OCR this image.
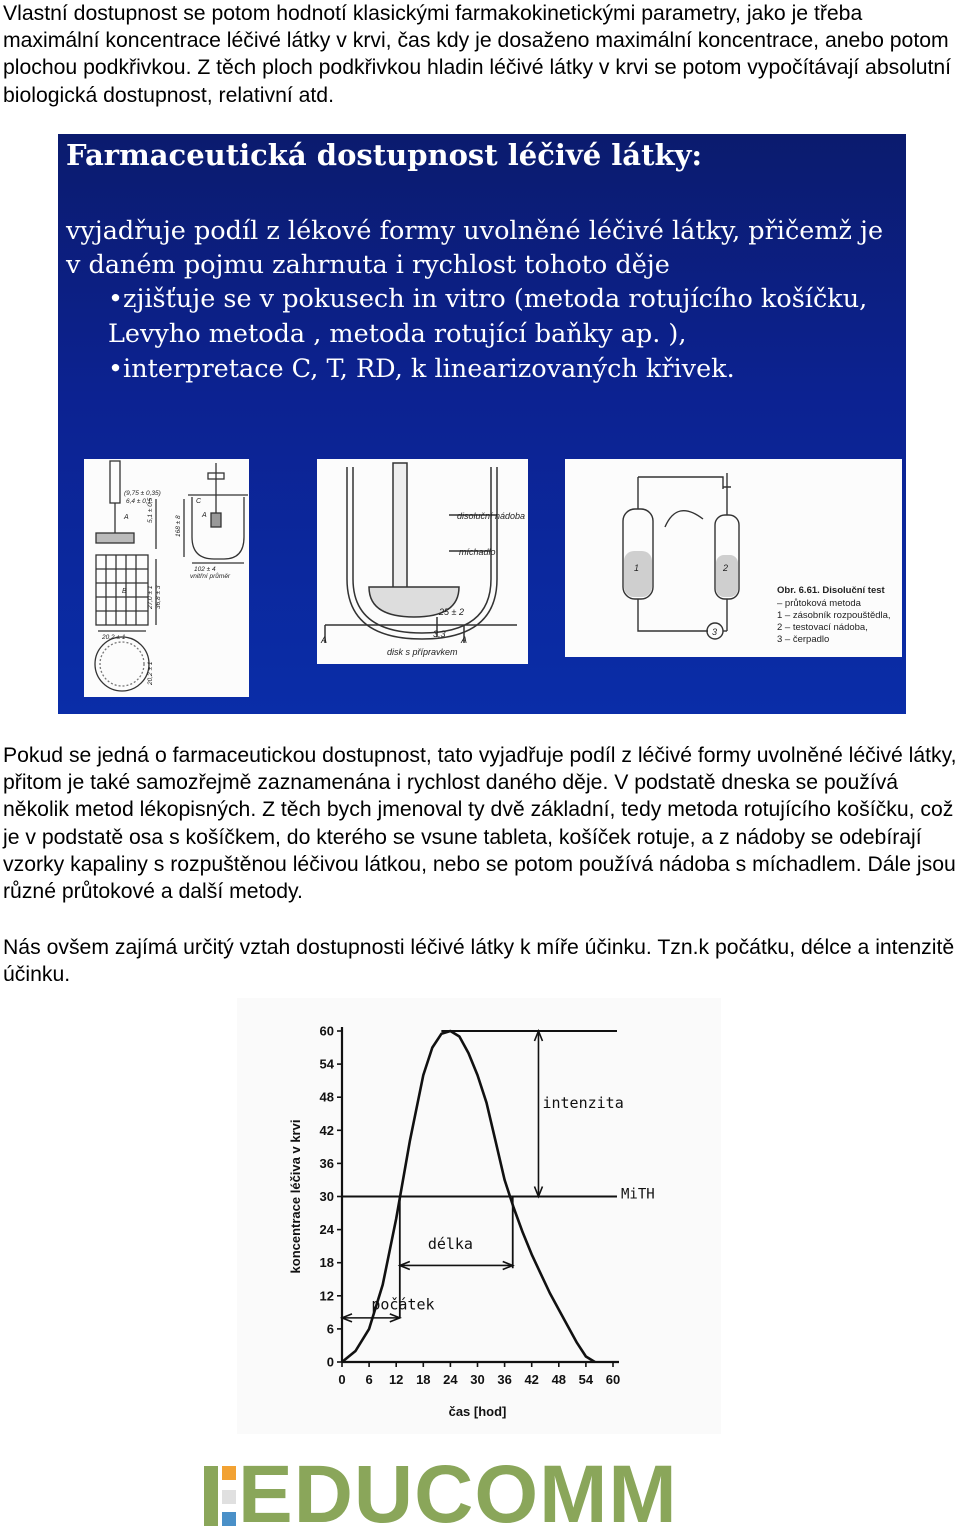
Vlastní dostupnost se potom hodnotí klasickými farmakokinetickými parametry, jako je třeba maximální koncentrace léčivé látky v krvi, čas kdy je dosaženo maximální koncentrace, anebo potom plochou podkřivkou. Z těch ploch podkřivkou hladin léčivé látky v krvi se potom vypočítávají absolutní biologická dostupnost, relativní atd.

Farmaceutická dostupnost léčivé látky:
vyjadřuje podíl z lékové formy uvolněné léčivé látky, přičemž je
v daném pojmu zahrnuta i rychlost tohoto děje
•zjišťuje se v pokusech in vitro (metoda rotujícího košíčku,
Levyho metoda , metoda rotující baňky ap. ),
•interpretace C, T, RD, k linearizovaných křivek.
(9,75 ± 0,35)
6,4 ± 0,1
102 ± 4
vnitřní průměr
20,2 ± 1
5,1 ± 0,5
168 ± 8
27,0 ± 1 36,8 ± 3
20,2 ± 1
A
B
C
A	disoluční nádoba
míchadlo
25 ± 2
3,3
disk s přípravkem
A	A
1	2
3
Obr. 6.61. Disoluční test
– průtoková metoda
1 – zásobník rozpouštědla,
2 – testovací nádoba,
3 – čerpadlo

Pokud se jedná o farmaceutickou dostupnost, tato vyjadřuje podíl z léčivé formy uvolněné léčivé látky, přitom je také samozřejmě zaznamenána i rychlost daného děje. V podstatě dneska se používá několik metod lékopisných. Z těch bych jmenoval ty dvě základní, tedy metoda rotujícího košíčku, což je v podstatě osa s košíčkem, do kterého se vsune tableta, košíček rotuje, a z nádoby se odebírají vzorky kapaliny s rozpuštěnou léčivou látkou, nebo se potom používá nádoba s míchadlem. Dále jsou různé průtokové a další metody.

Nás ovšem zajímá určitý vztah dostupnosti léčivé látky k míře účinku. Tzn.k počátku, délce a intenzitě účinku.

0
6
12
18
24
30
36
42
48
54
60
0 6 12 18 24 30 36 42 48 54 60
čas [hod]
koncentrace léčiva v krvi
intenzita
MiTH
délka
počátek
EDUCOMM
